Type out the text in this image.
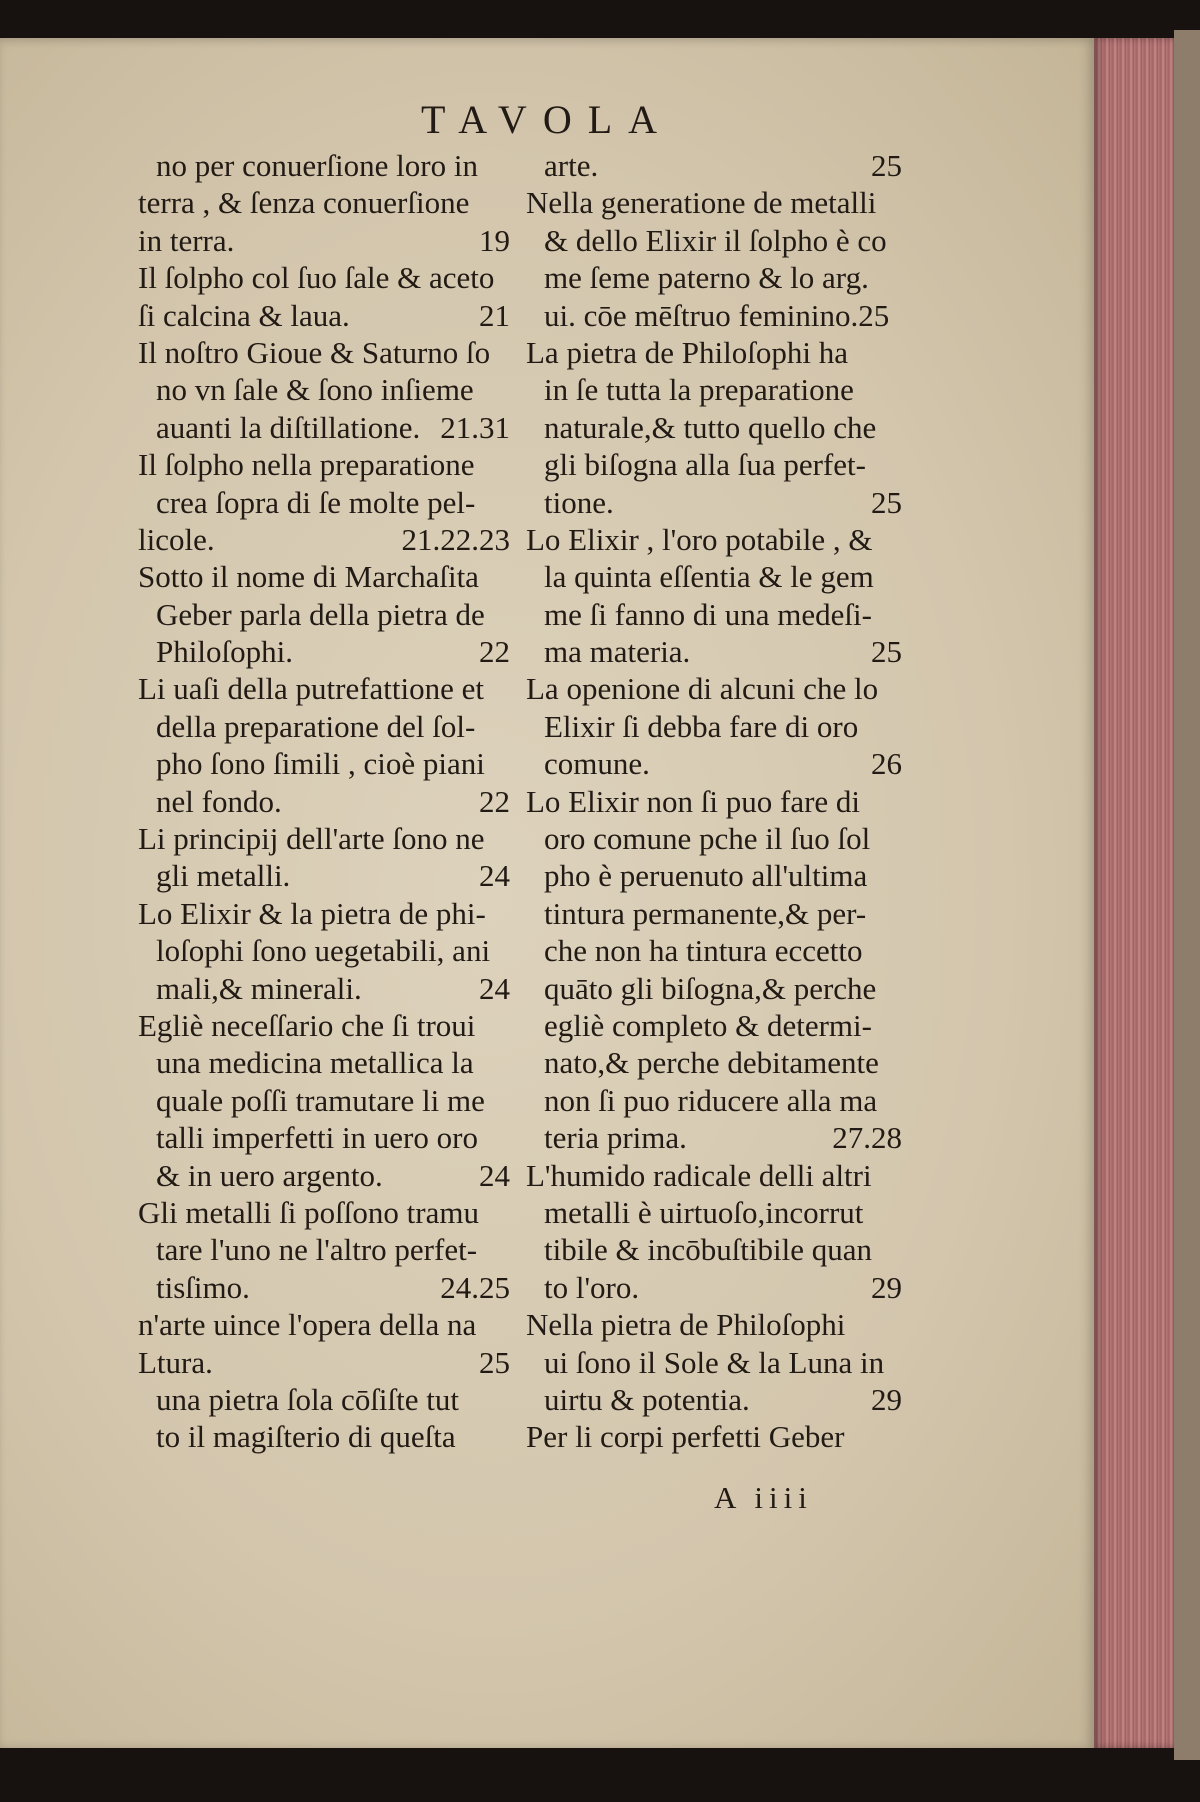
TAVOLA
no per conuerſione loro in
terra , & ſenza conuerſione
in terra.	19
Il ſolpho col ſuo ſale & aceto
ſi calcina & laua.	21
Il noſtro Gioue & Saturno ſo
no vn ſale & ſono inſieme
auanti la diſtillatione. 21.31
Il ſolpho nella preparatione
crea ſopra di ſe molte pel-
licole.	21.22.23
Sotto il nome di Marchaſita
Geber parla della pietra de
Philoſophi.	22
Li uaſi della putrefattione et
della preparatione del ſol-
pho ſono ſimili , cioè piani
nel fondo.	22
Li principij dell'arte ſono ne
gli metalli.	24
Lo Elixir & la pietra de phi-
loſophi ſono uegetabili, ani
mali,& minerali.	24
Egliè neceſſario che ſi troui
una medicina metallica la
quale poſſi tramutare li me
talli imperfetti in uero oro
& in uero argento.	24
Gli metalli ſi poſſono tramu
tare l'uno ne l'altro perfet-
tisſimo.	24.25
n'arte uince l'opera della na
Ltura.	25
una pietra ſola cōſiſte tut
to il magiſterio di queſta
arte.	25
Nella generatione de metalli
& dello Elixir il ſolpho è co
me ſeme paterno & lo arg.
ui. cōe mēſtruo feminino.25
La pietra de Philoſophi ha
in ſe tutta la preparatione
naturale,& tutto quello che
gli biſogna alla ſua perfet-
tione.	25
Lo Elixir , l'oro potabile , &
la quinta eſſentia & le gem
me ſi fanno di una medeſi-
ma materia.	25
La openione di alcuni che lo
Elixir ſi debba fare di oro
comune.	26
Lo Elixir non ſi puo fare di
oro comune pche il ſuo ſol
pho è peruenuto all'ultima
tintura permanente,& per-
che non ha tintura eccetto
quāto gli biſogna,& perche
egliè completo & determi-
nato,& perche debitamente
non ſi puo riducere alla ma
teria prima.	27.28
L'humido radicale delli altri
metalli è uirtuoſo,incorrut
tibile & incōbuſtibile quan
to l'oro.	29
Nella pietra de Philoſophi
ui ſono il Sole & la Luna in
uirtu & potentia.	29
Per li corpi perfetti Geber
A iiii
